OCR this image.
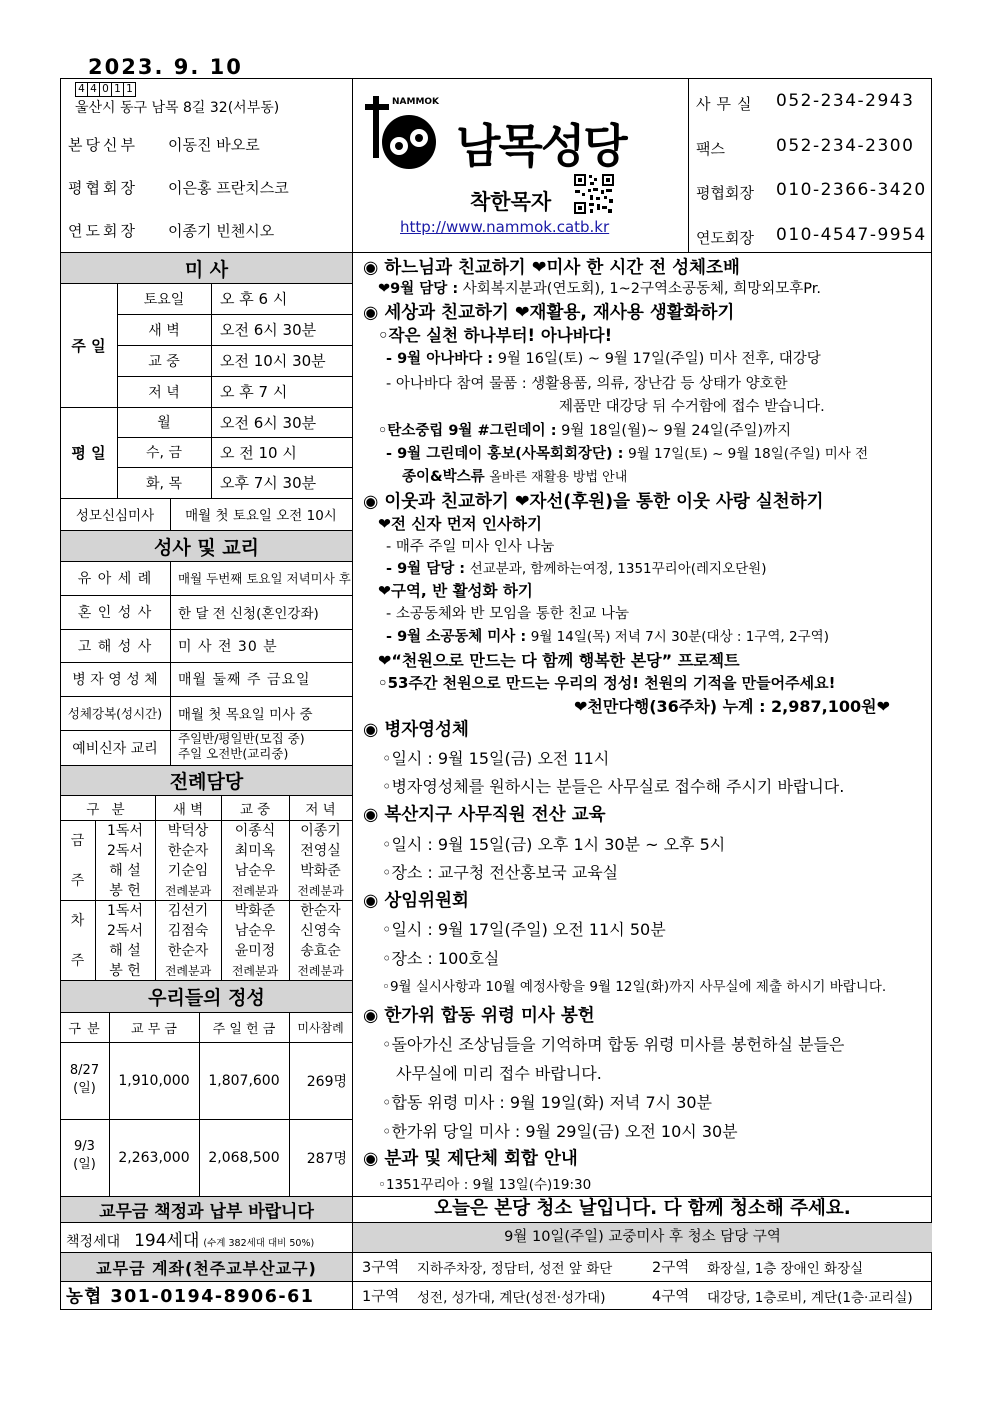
2023. 9. 10
4 4 0 1 1
울산시 동구 남목 8길 32(서부동)
본당신부 이동진 바오로
평협회장 이은홍 프란치스코
연도회장 이종기 빈첸시오
NAMMOK
남목성당
착한목자
http://www.nammok.catb.kr
사무실 052-234-2943
팩스	052-234-2300
평협회장 010-2366-3420
연도회장 010-4547-9954
미 사
주 일
평 일
토요일	오 후 6 시
새 벽	오전 6시 30분
교 중	오전 10시 30분
저 녁	오 후 7 시
월	오전 6시 30분
수, 금	오 전 10 시
화, 목	오후 7시 30분
성모신심미사	매월 첫 토요일 오전 10시
성사 및 교리
유 아 세 례	매월 두번째 토요일 저녁미사 후
혼 인 성 사	한 달 전 신청(혼인강좌)
고 해 성 사	미 사 전 30 분
병 자 영 성 체	매월 둘째 주 금요일
성체강복(성시간)	매월 첫 목요일 미사 중
예비신자 교리
주일반/평일반(모집 중)
주일 오전반(교리중)
전례담당
구 분	새 벽	교 중	저 녁
금
주
1독서	박덕상	이종식	이종기
2독서	한순자	최미옥	전영실
해 설	기순임	남순우	박화준
봉 헌	전례분과	전례분과	전례분과
차
주
1독서	김선기	박화준	한순자
2독서	김점숙	남순우	신영숙
해 설	한순자	윤미정	송효순
봉 헌	전례분과	전례분과	전례분과
우리들의 정성
구 분	교 무 금	주 일 헌 금	미사참례
8/27
(일)	1,910,000	1,807,600	269명
9/3
(일)	2,263,000	2,068,500	287명
교무금 책정과 납부 바랍니다
책정세대 194세대 (수계 382세대 대비 50%)
교무금 계좌(천주교부산교구)
농협 301-0194-8906-61
◉ 하느님과 친교하기 ❤미사 한 시간 전 성체조배
❤9월 담당 : 사회복지분과(연도회), 1~2구역소공동체, 희망외모후Pr.
◉ 세상과 친교하기 ❤재활용, 재사용 생활화하기
◦작은 실천 하나부터! 아나바다!
- 9월 아나바다 : 9월 16일(토) ~ 9월 17일(주일) 미사 전후, 대강당
- 아나바다 참여 물품 : 생활용품, 의류, 장난감 등 상태가 양호한
제품만 대강당 뒤 수거함에 접수 받습니다.
◦탄소중립 9월 #그린데이 : 9월 18일(월)~ 9월 24일(주일)까지
- 9월 그린데이 홍보(사목회회장단) : 9월 17일(토) ~ 9월 18일(주일) 미사 전
종이&박스류 올바른 재활용 방법 안내
◉ 이웃과 친교하기 ❤자선(후원)을 통한 이웃 사랑 실천하기
❤전 신자 먼저 인사하기
- 매주 주일 미사 인사 나눔
- 9월 담당 : 선교분과, 함께하는여정, 1351꾸리아(레지오단원)
❤구역, 반 활성화 하기
- 소공동체와 반 모임을 통한 친교 나눔
- 9월 소공동체 미사 : 9월 14일(목) 저녁 7시 30분(대상 : 1구역, 2구역)
❤“천원으로 만드는 다 함께 행복한 본당” 프로젝트
◦53주간 천원으로 만드는 우리의 정성! 천원의 기적을 만들어주세요!
❤천만다행(36주차) 누계 : 2,987,100원❤
◉ 병자영성체
◦일시 : 9월 15일(금) 오전 11시
◦병자영성체를 원하시는 분들은 사무실로 접수해 주시기 바랍니다.
◉ 복산지구 사무직원 전산 교육
◦일시 : 9월 15일(금) 오후 1시 30분 ~ 오후 5시
◦장소 : 교구청 전산홍보국 교육실
◉ 상임위원회
◦일시 : 9월 17일(주일) 오전 11시 50분
◦장소 : 100호실
◦9월 실시사항과 10월 예정사항을 9월 12일(화)까지 사무실에 제출 하시기 바랍니다.
◉ 한가위 합동 위령 미사 봉헌
◦돌아가신 조상님들을 기억하며 합동 위령 미사를 봉헌하실 분들은
사무실에 미리 접수 바랍니다.
◦합동 위령 미사 : 9월 19일(화) 저녁 7시 30분
◦한가위 당일 미사 : 9월 29일(금) 오전 10시 30분
◉ 분과 및 제단체 회합 안내
◦1351꾸리아 : 9월 13일(수)19:30
오늘은 본당 청소 날입니다. 다 함께 청소해 주세요.
9월 10일(주일) 교중미사 후 청소 담당 구역
3구역	지하주차장, 정담터, 성전 앞 화단	2구역	화장실, 1층 장애인 화장실
1구역	성전, 성가대, 계단(성전·성가대)	4구역	대강당, 1층로비, 계단(1층·교리실)
